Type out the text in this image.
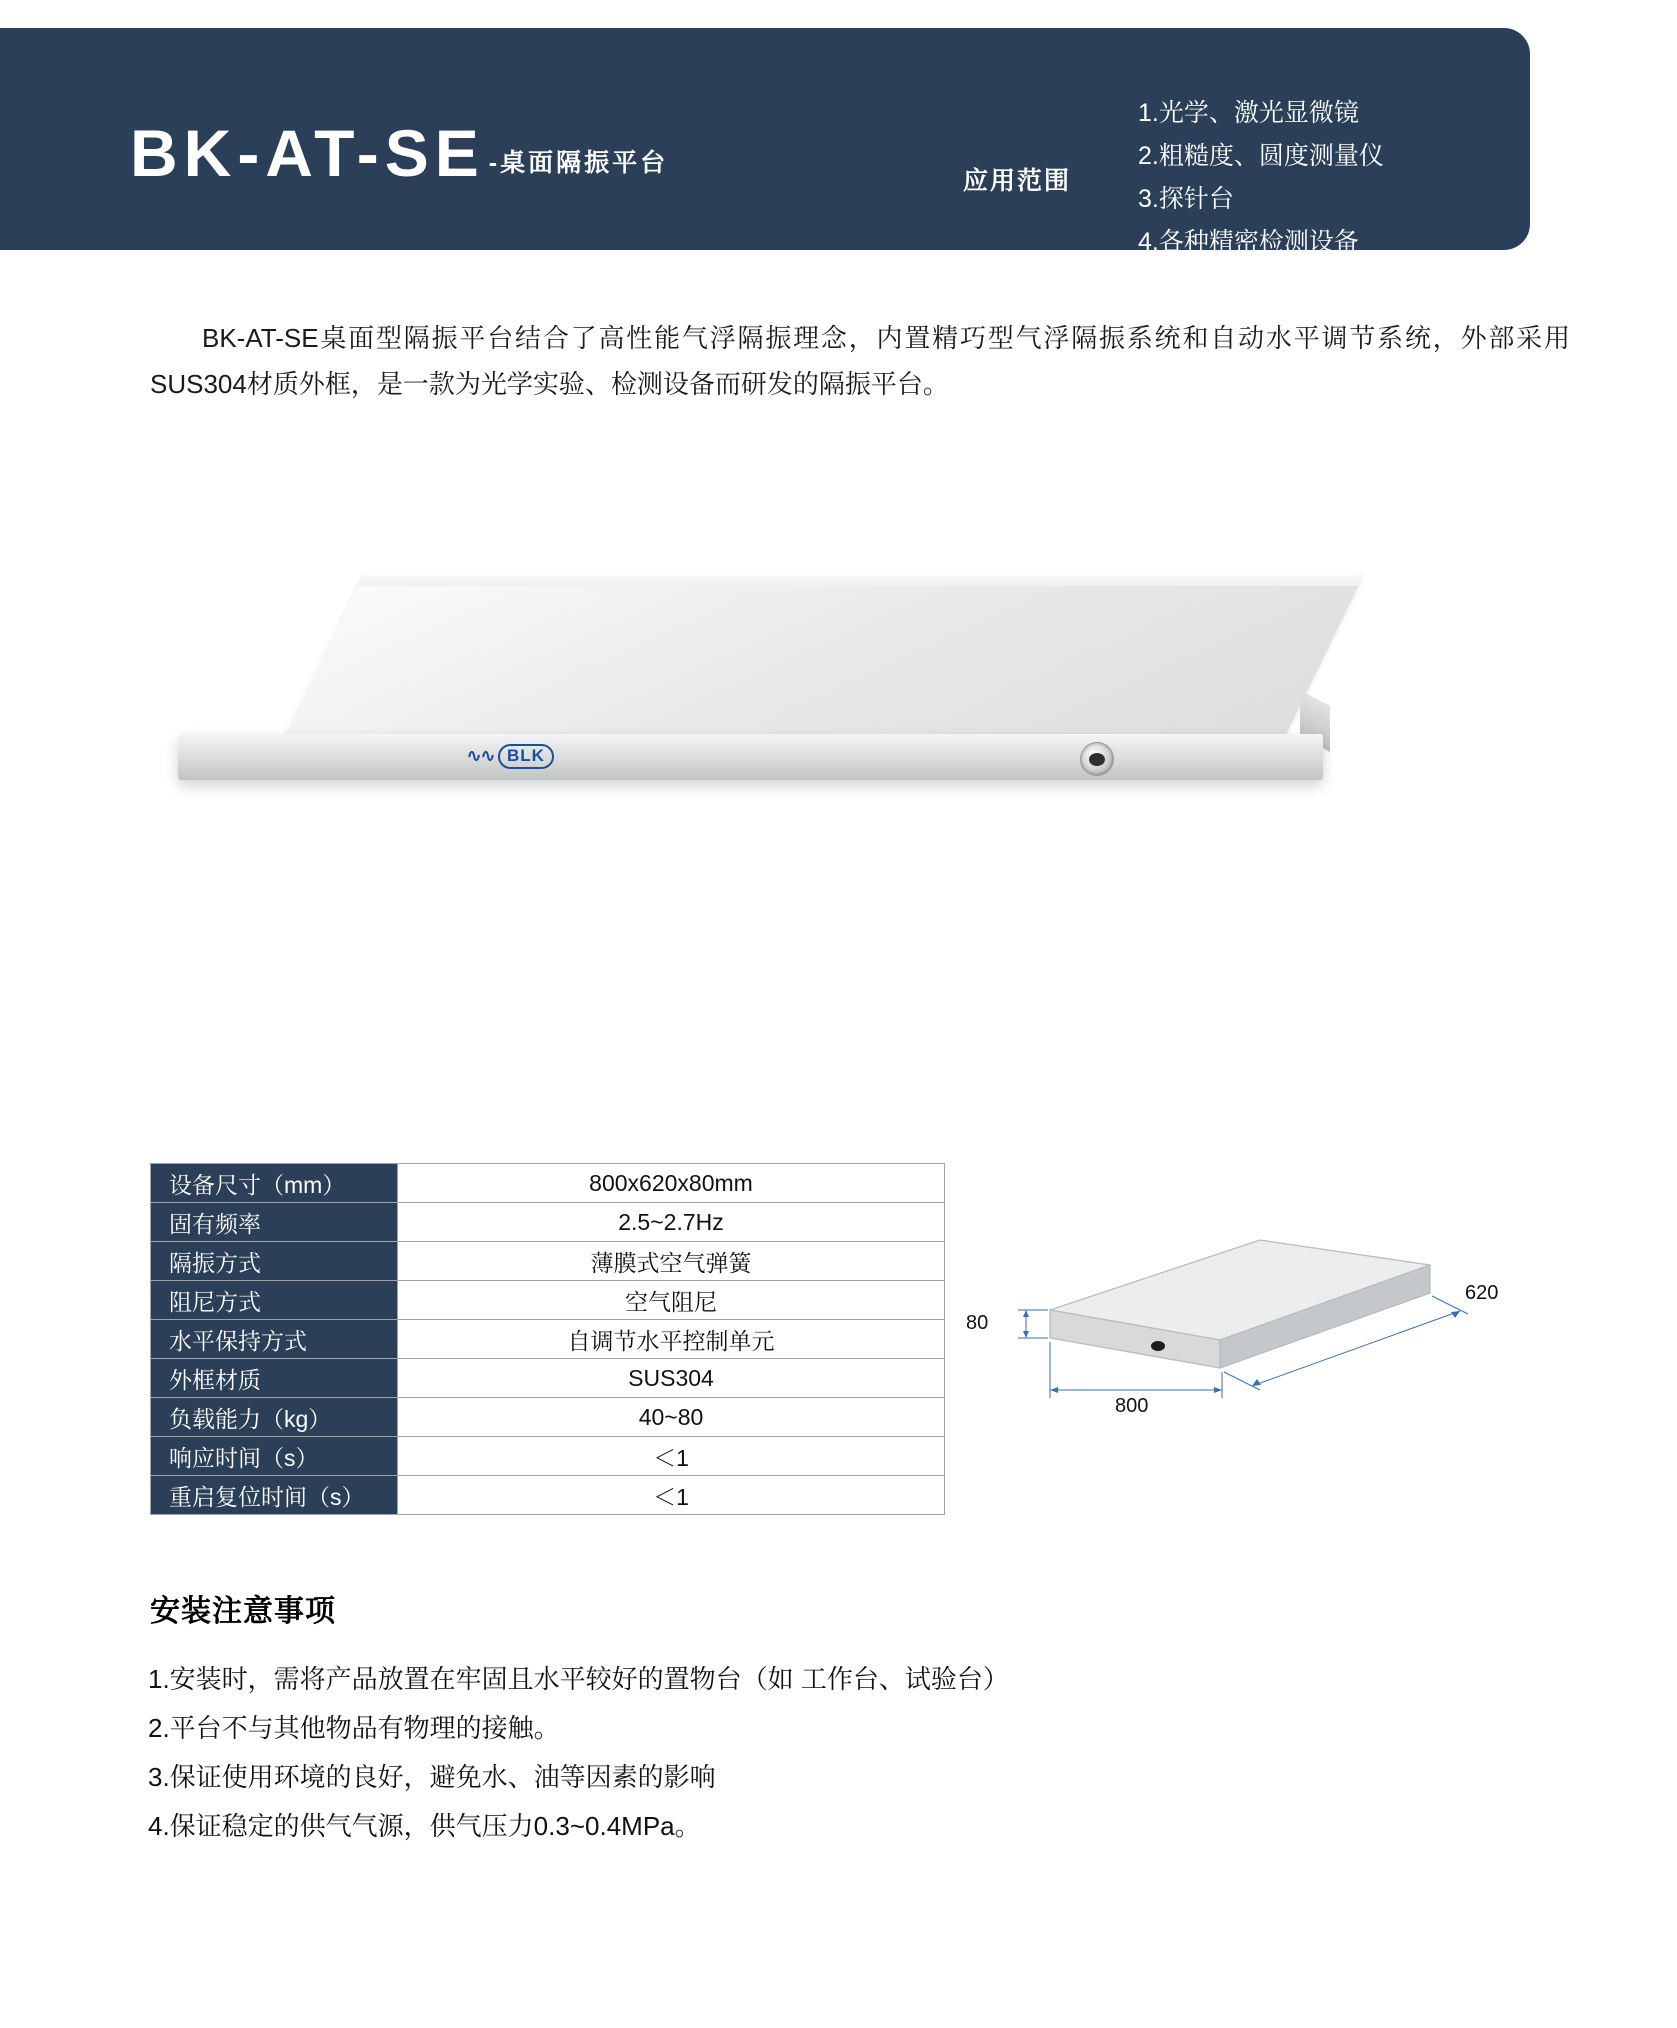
BK-AT-SE -桌面隔振平台
应用范围
1.光学、激光显微镜
2.粗糙度、圆度测量仪
3.探针台
4.各种精密检测设备
BK-AT-SE桌面型隔振平台结合了高性能气浮隔振理念，内置精巧型气浮隔振系统和自动水平调节系统，外部采用SUS304材质外框，是一款为光学实验、检测设备而研发的隔振平台。
∿∿ BLK
设备尺寸（mm）	800x620x80mm
固有频率	2.5~2.7Hz
隔振方式	薄膜式空气弹簧
阻尼方式	空气阻尼
水平保持方式	自调节水平控制单元
外框材质	SUS304
负载能力（kg）	40~80
响应时间（s）	＜1
重启复位时间（s）	＜1
80
800
620
安装注意事项
1.安装时，需将产品放置在牢固且水平较好的置物台（如 工作台、试验台）
2.平台不与其他物品有物理的接触。
3.保证使用环境的良好，避免水、油等因素的影响
4.保证稳定的供气气源，供气压力0.3~0.4MPa。
